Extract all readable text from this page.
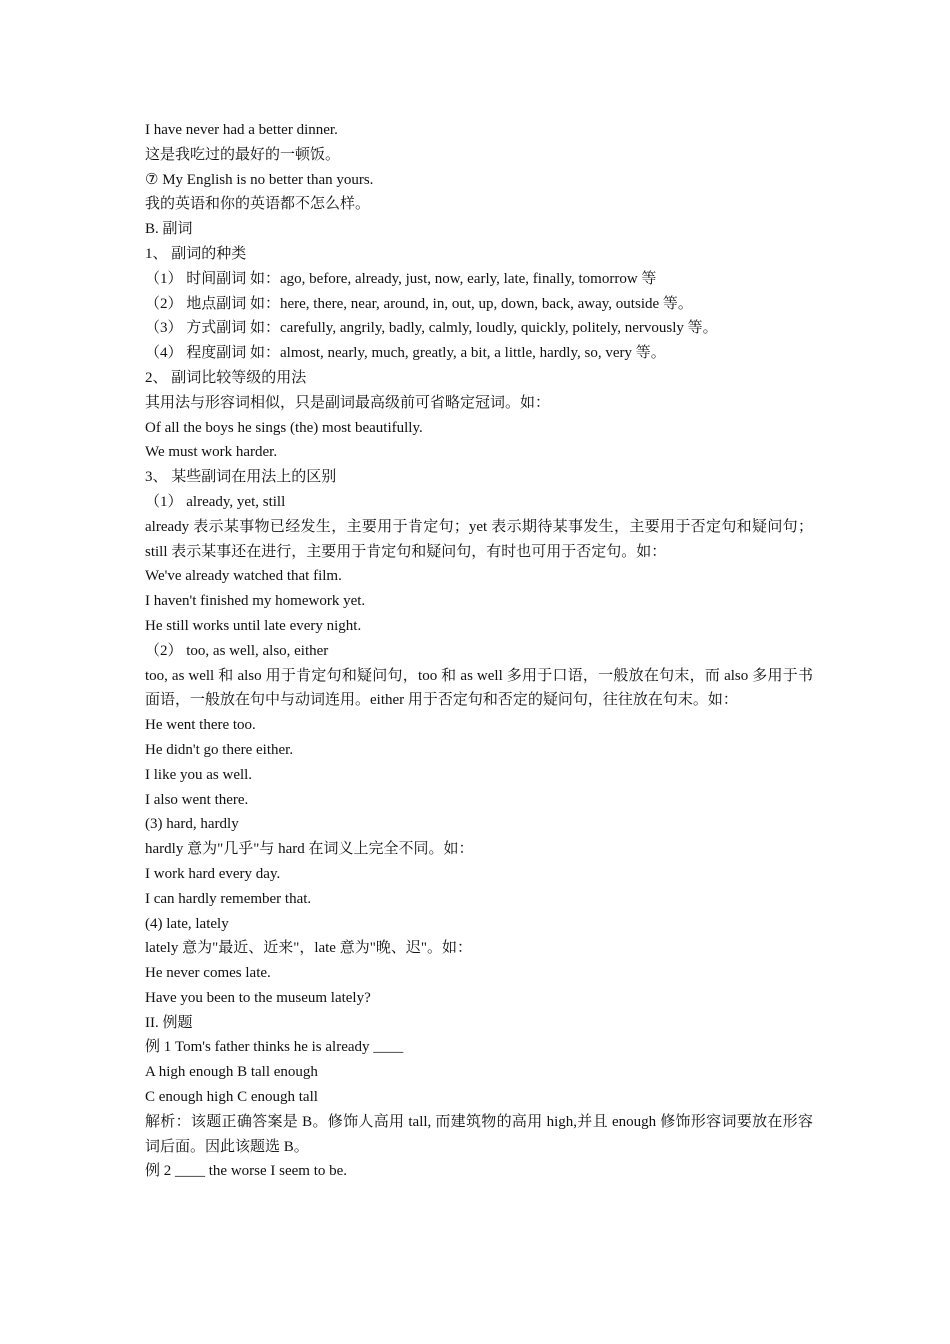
I have never had a better dinner.
这是我吃过的最好的一顿饭。
⑦ My English is no better than yours.
我的英语和你的英语都不怎么样。
B. 副词
1、 副词的种类
（1） 时间副词 如：ago, before, already, just, now, early, late, finally, tomorrow 等
（2） 地点副词 如：here, there, near, around, in, out, up, down, back, away, outside 等。
（3） 方式副词 如：carefully, angrily, badly, calmly, loudly, quickly, politely, nervously 等。
（4） 程度副词 如：almost, nearly, much, greatly, a bit, a little, hardly, so, very 等。
2、 副词比较等级的用法
其用法与形容词相似，只是副词最高级前可省略定冠词。如：
Of all the boys he sings (the) most beautifully.
We must work harder.
3、 某些副词在用法上的区别
（1） already, yet, still
already 表示某事物已经发生，主要用于肯定句；yet 表示期待某事发生，主要用于否定句和疑问句；still 表示某事还在进行，主要用于肯定句和疑问句，有时也可用于否定句。如：
We've already watched that film.
I haven't finished my homework yet.
He still works until late every night.
（2） too, as well, also, either
too, as well 和 also 用于肯定句和疑问句，too 和 as well 多用于口语，一般放在句末，而 also 多用于书面语，一般放在句中与动词连用。either 用于否定句和否定的疑问句，往往放在句末。如：
He went there too.
He didn't go there either.
I like you as well.
I also went there.
(3) hard, hardly
hardly 意为"几乎"与 hard 在词义上完全不同。如：
I work hard every day.
I can hardly remember that.
(4) late, lately
lately 意为"最近、近来"，late 意为"晚、迟"。如：
He never comes late.
Have you been to the museum lately?
II. 例题
例 1 Tom's father thinks he is already ____
A high enough B tall enough
C enough high C enough tall
解析：该题正确答案是 B。修饰人高用 tall, 而建筑物的高用 high,并且 enough 修饰形容词要放在形容词后面。因此该题选 B。
例 2 ____ the worse I seem to be.
